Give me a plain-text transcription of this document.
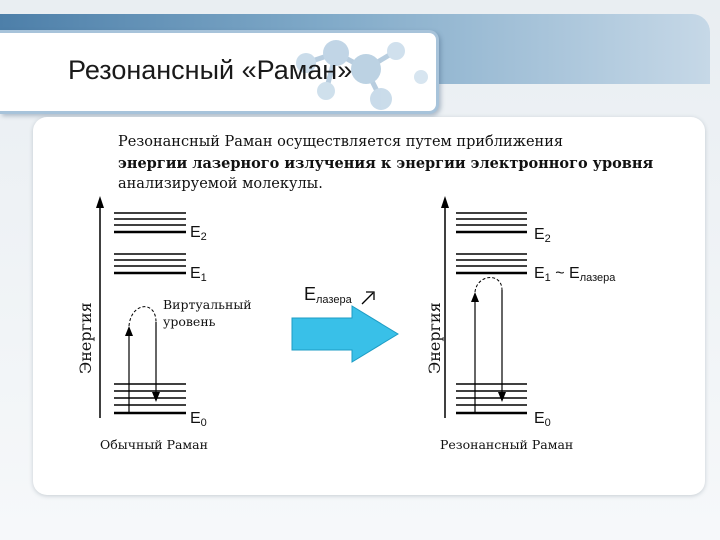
Резонансный «Раман»
Резонансный Раман осуществляется путем приближения
энергии лазерного излучения к энергии электронного уровня
анализируемой молекулы.
Энергия
$E_2$
$E_1$
$E_0$
Виртуальный
уровень
Обычный Раман
$E_{лазера}$
Энергия
$E_2$
$E_1$ ~ $E_{лазера}$
$E_0$
Резонансный Раман
